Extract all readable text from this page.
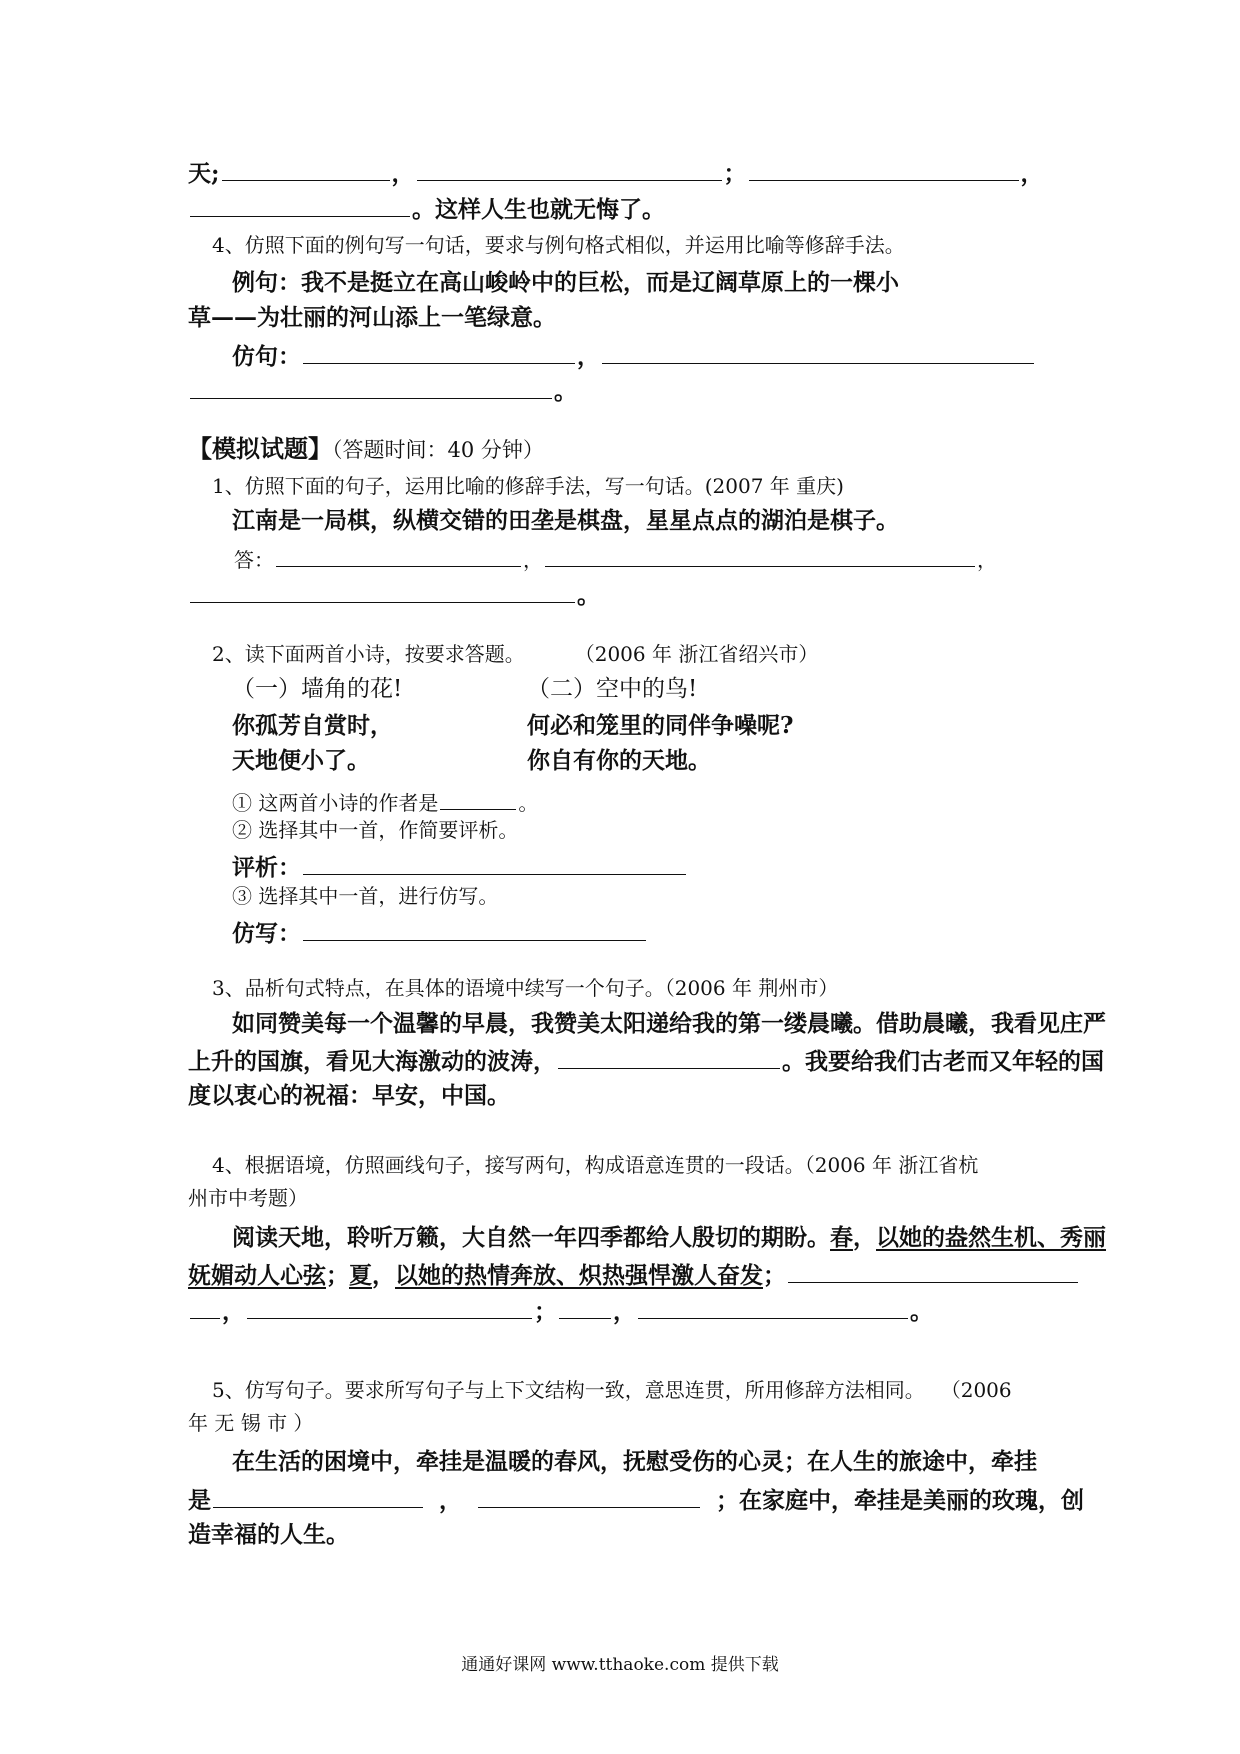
天;	，	；	，
。这样人生也就无悔了。
4、仿照下面的例句写一句话，要求与例句格式相似，并运用比喻等修辞手法。
例句：我不是挺立在高山峻岭中的巨松，而是辽阔草原上的一棵小
草——为壮丽的河山添上一笔绿意。
仿句：	，
。
【模拟试题】（答题时间：40 分钟）
1、仿照下面的句子，运用比喻的修辞手法，写一句话。(2007 年 重庆)
江南是一局棋，纵横交错的田垄是棋盘，星星点点的湖泊是棋子。
答：	，	，
。
2、读下面两首小诗，按要求答题。	（2006 年 浙江省绍兴市）
（一）墙角的花!	（二）空中的鸟!
你孤芳自赏时，	何必和笼里的同伴争噪呢?
天地便小了。	你自有你的天地。
① 这两首小诗的作者是	。
② 选择其中一首，作简要评析。
评析：
③ 选择其中一首，进行仿写。
仿写：
3、品析句式特点，在具体的语境中续写一个句子。（2006 年 荆州市）
如同赞美每一个温馨的早晨，我赞美太阳递给我的第一缕晨曦。借助晨曦，我看见庄严
上升的国旗，看见大海激动的波涛，	。我要给我们古老而又年轻的国
度以衷心的祝福：早安，中国。
4、根据语境，仿照画线句子，接写两句，构成语意连贯的一段话。（2006 年 浙江省杭
州市中考题）
阅读天地，聆听万籁，大自然一年四季都给人殷切的期盼。春，以她的盎然生机、秀丽
妩媚动人心弦；夏，以她的热情奔放、炽热强悍激人奋发；
，	； ，	。
5、仿写句子。要求所写句子与上下文结构一致，意思连贯，所用修辞方法相同。 （2006
年 无 锡 市 ）
在生活的困境中，牵挂是温暖的春风，抚慰受伤的心灵；在人生的旅途中，牵挂
是	，	；在家庭中，牵挂是美丽的玫瑰，创
造幸福的人生。
通通好课网 www.tthaoke.com 提供下载
